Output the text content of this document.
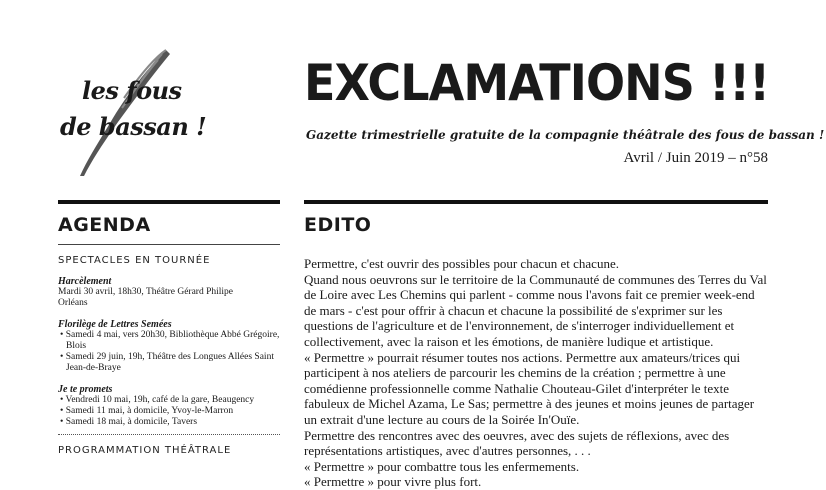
les fous
de bassan !
EXCLAMATIONS !!!
Gazette trimestrielle gratuite de la compagnie théâtrale des fous de bassan !
Avril / Juin 2019 – n°58
AGENDA
SPECTACLES EN TOURNÉE
Harcèlement
Mardi 30 avril, 18h30, Théâtre Gérard Philipe
Orléans
Florilège de Lettres Semées
• Samedi 4 mai, vers 20h30, Bibliothèque Abbé Grégoire, Blois
• Samedi 29 juin, 19h, Théâtre des Longues Allées Saint Jean-de-Braye
Je te promets
• Vendredi 10 mai, 19h, café de la gare, Beaugency
• Samedi 11 mai, à domicile, Yvoy-le-Marron
• Samedi 18 mai, à domicile, Tavers
PROGRAMMATION THÉÂTRALE
EDITO
Permettre, c'est ouvrir des possibles pour chacun et chacune.
Quand nous oeuvrons sur le territoire de la Communauté de communes des Terres du Val de Loire avec Les Chemins qui parlent - comme nous l'avons fait ce premier week-end de mars - c'est pour offrir à chacun et chacune la possibilité de s'exprimer sur les questions de l'agriculture et de l'environnement, de s'interroger individuellement et collectivement, avec la raison et les émotions, de manière ludique et artistique.
« Permettre » pourrait résumer toutes nos actions. Permettre aux amateurs/trices qui participent à nos ateliers de parcourir les chemins de la création ; permettre à une comédienne professionnelle comme Nathalie Chouteau-Gilet d'interpréter le texte fabuleux de Michel Azama, Le Sas; permettre à des jeunes et moins jeunes de partager un extrait d'une lecture au cours de la Soirée In'Ouïe.
Permettre des rencontres avec des oeuvres, avec des sujets de réflexions, avec des représentations artistiques, avec d'autres personnes, . . .
« Permettre » pour combattre tous les enfermements.
« Permettre » pour vivre plus fort.
